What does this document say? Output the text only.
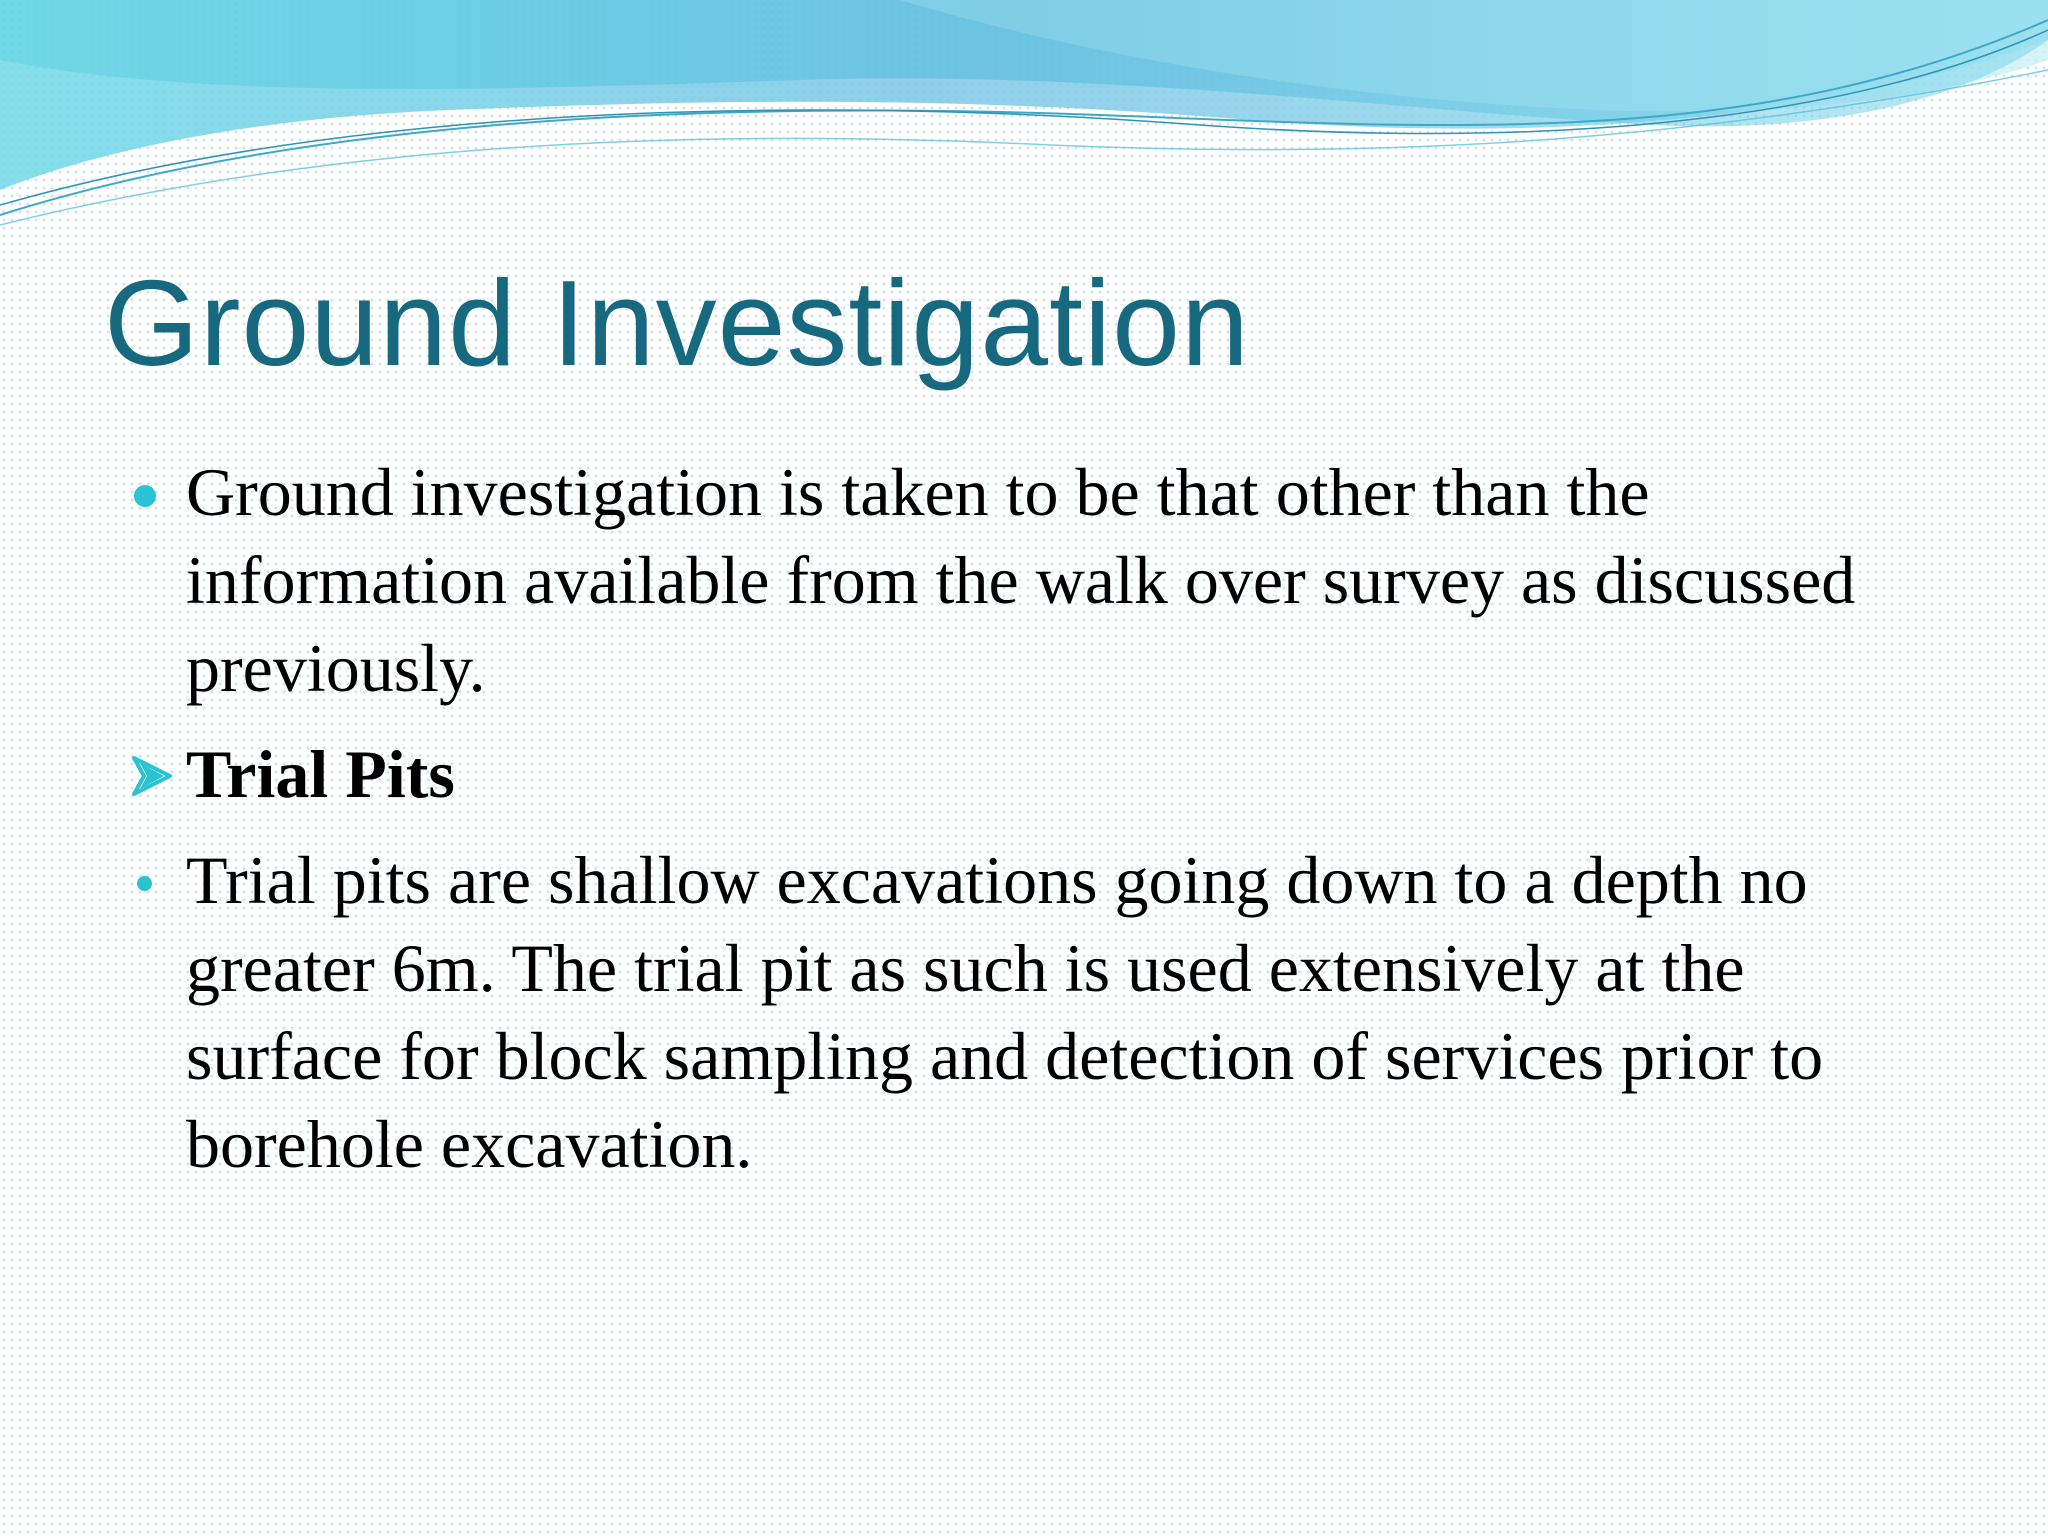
Ground Investigation
Ground investigation is taken to be that other than the information available from the walk over survey as discussed previously.
Trial Pits
Trial pits are shallow excavations going down to a depth no greater 6m. The trial pit as such is used extensively at the surface for block sampling and detection of services prior to borehole excavation.
